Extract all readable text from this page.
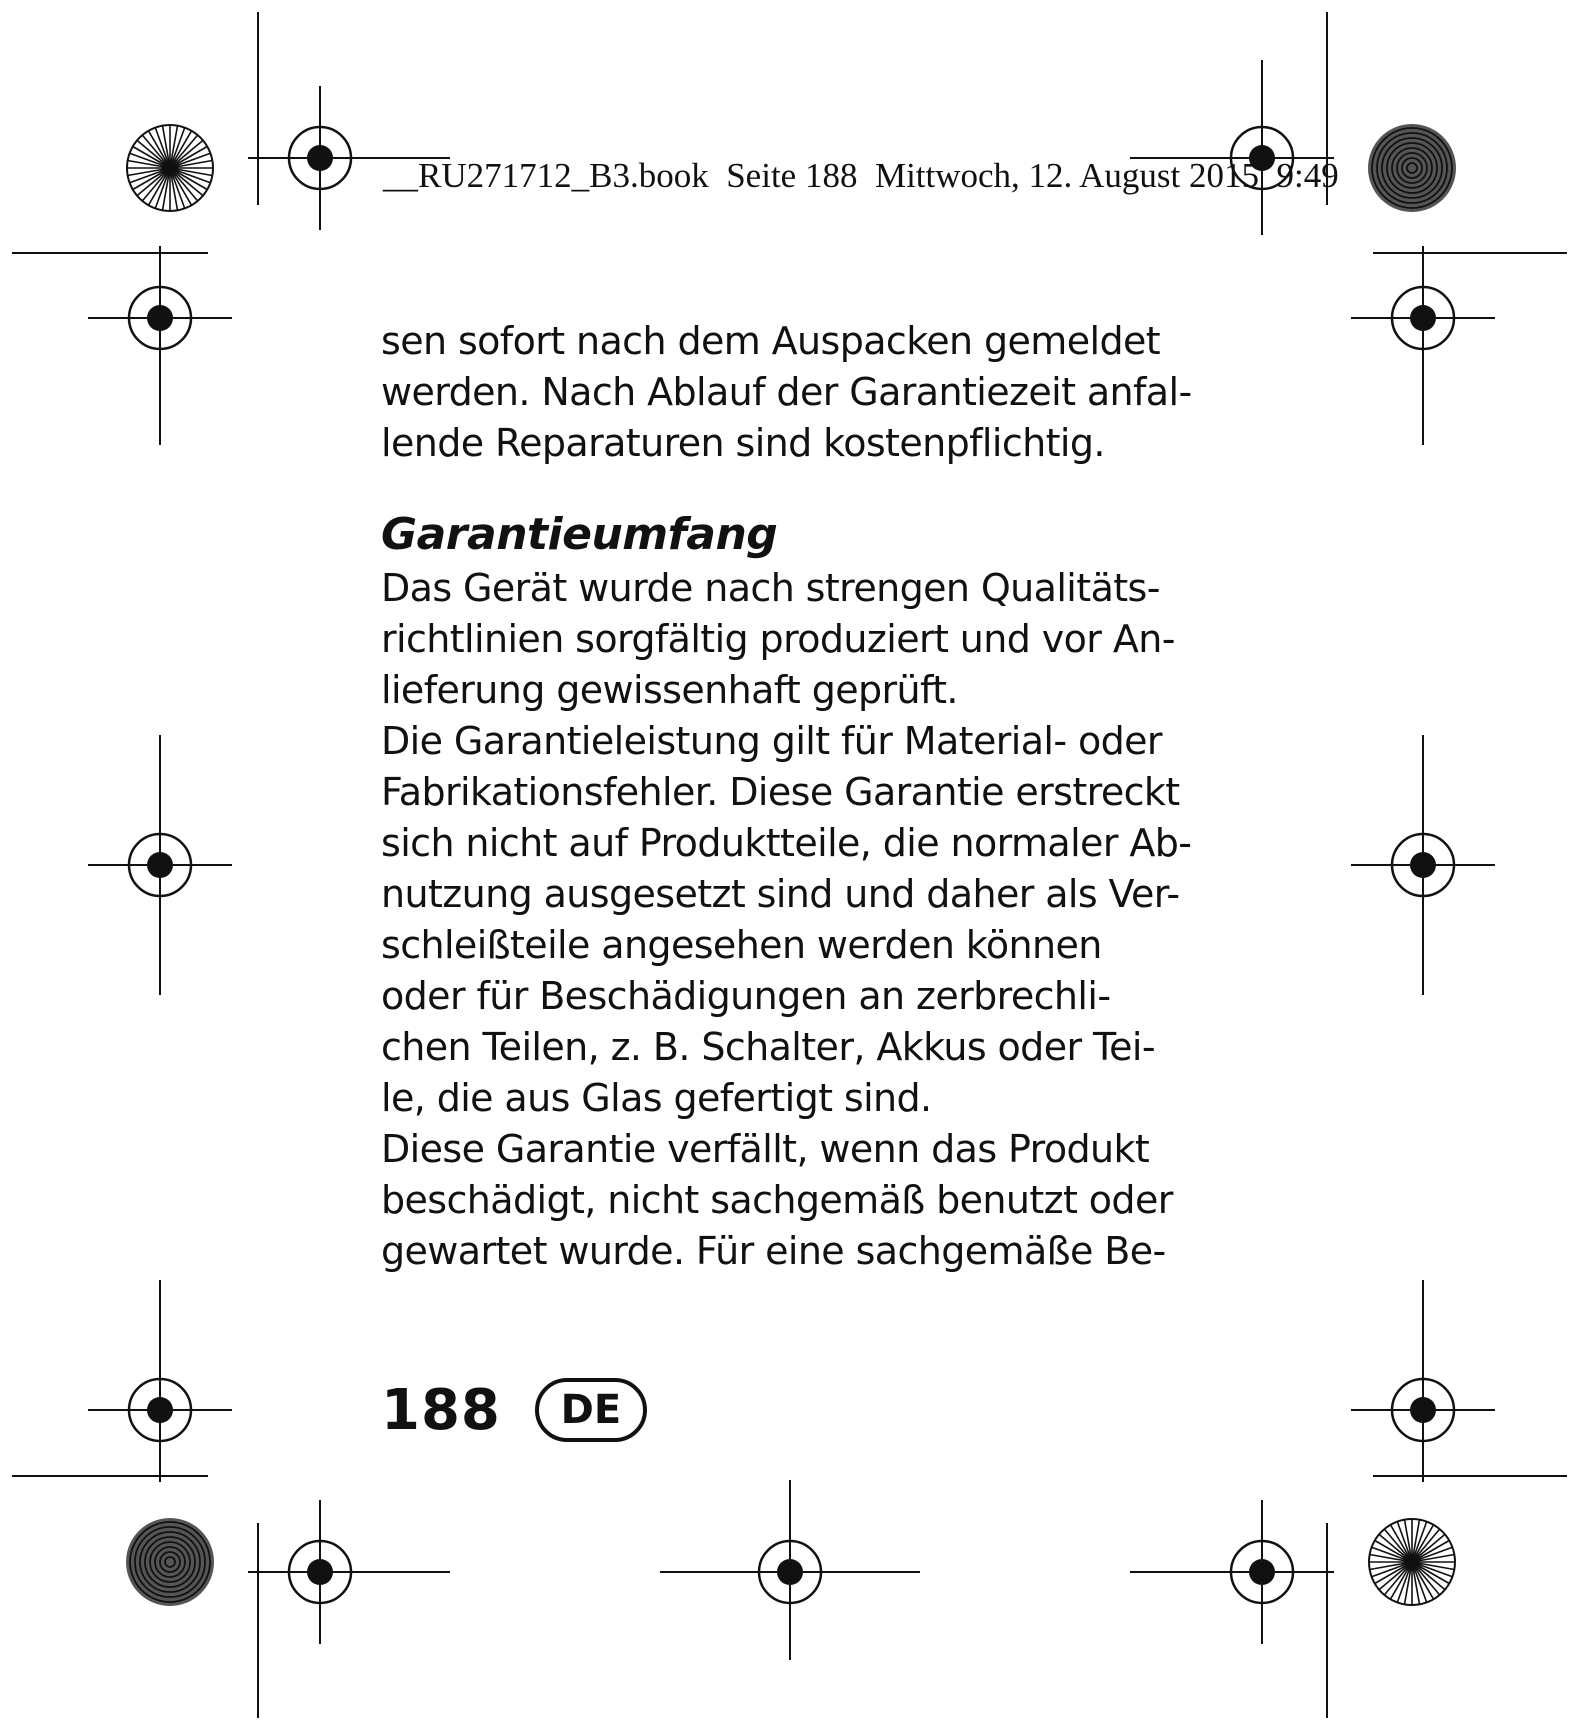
__RU271712_B3.book  Seite 188  Mittwoch, 12. August 2015  9:49
sen sofort nach dem Auspacken gemeldet
werden. Nach Ablauf der Garantiezeit anfal-
lende Reparaturen sind kostenpflichtig.
Garantieumfang
Das Gerät wurde nach strengen Qualitäts-
richtlinien sorgfältig produziert und vor An-
lieferung gewissenhaft geprüft.
Die Garantieleistung gilt für Material- oder
Fabrikationsfehler. Diese Garantie erstreckt
sich nicht auf Produktteile, die normaler Ab-
nutzung ausgesetzt sind und daher als Ver-
schleißteile angesehen werden können
oder für Beschädigungen an zerbrechli-
chen Teilen, z. B. Schalter, Akkus oder Tei-
le, die aus Glas gefertigt sind.
Diese Garantie verfällt, wenn das Produkt
beschädigt, nicht sachgemäß benutzt oder
gewartet wurde. Für eine sachgemäße Be-
188	DE
